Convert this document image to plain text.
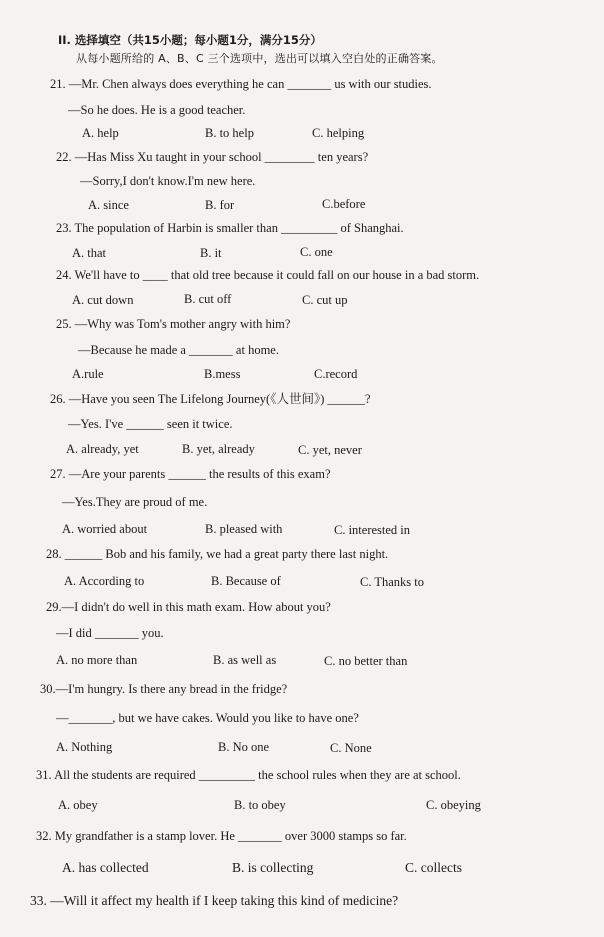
II. 选择填空（共15小题；每小题1分，满分15分）
从每小题所给的 A、B、C 三个选项中，选出可以填入空白处的正确答案。
21. —Mr. Chen always does everything he can _______ us with our studies.
—So he does. He is a good teacher.
A. help	B. to help	C. helping
22. —Has Miss Xu taught in your school ________ ten years?
—Sorry,I don't know.I'm new here.
A. since	B. for	C.before
23. The population of Harbin is smaller than _________ of Shanghai.
A. that	B. it	C. one
24. We'll have to ____ that old tree because it could fall on our house in a bad storm.
A. cut down	B. cut off	C. cut up
25. —Why was Tom's mother angry with him?
—Because he made a _______ at home.
A.rule	B.mess	C.record
26. —Have you seen The Lifelong Journey(《人世间》) ______?
—Yes. I've ______ seen it twice.
A. already, yet	B. yet, already	C. yet, never
27. —Are your parents ______ the results of this exam?
—Yes.They are proud of me.
A. worried about	B. pleased with	C. interested in
28. ______ Bob and his family, we had a great party there last night.
A. According to	B. Because of	C. Thanks to
29.—I didn't do well in this math exam. How about you?
—I did _______ you.
A. no more than	B. as well as	C. no better than
30.—I'm hungry. Is there any bread in the fridge?
—_______, but we have cakes. Would you like to have one?
A. Nothing	B. No one	C. None
31. All the students are required _________ the school rules when they are at school.
A. obey	B. to obey	C. obeying
32. My grandfather is a stamp lover. He _______ over 3000 stamps so far.
A. has collected	B. is collecting	C. collects
33. —Will it affect my health if I keep taking this kind of medicine?
